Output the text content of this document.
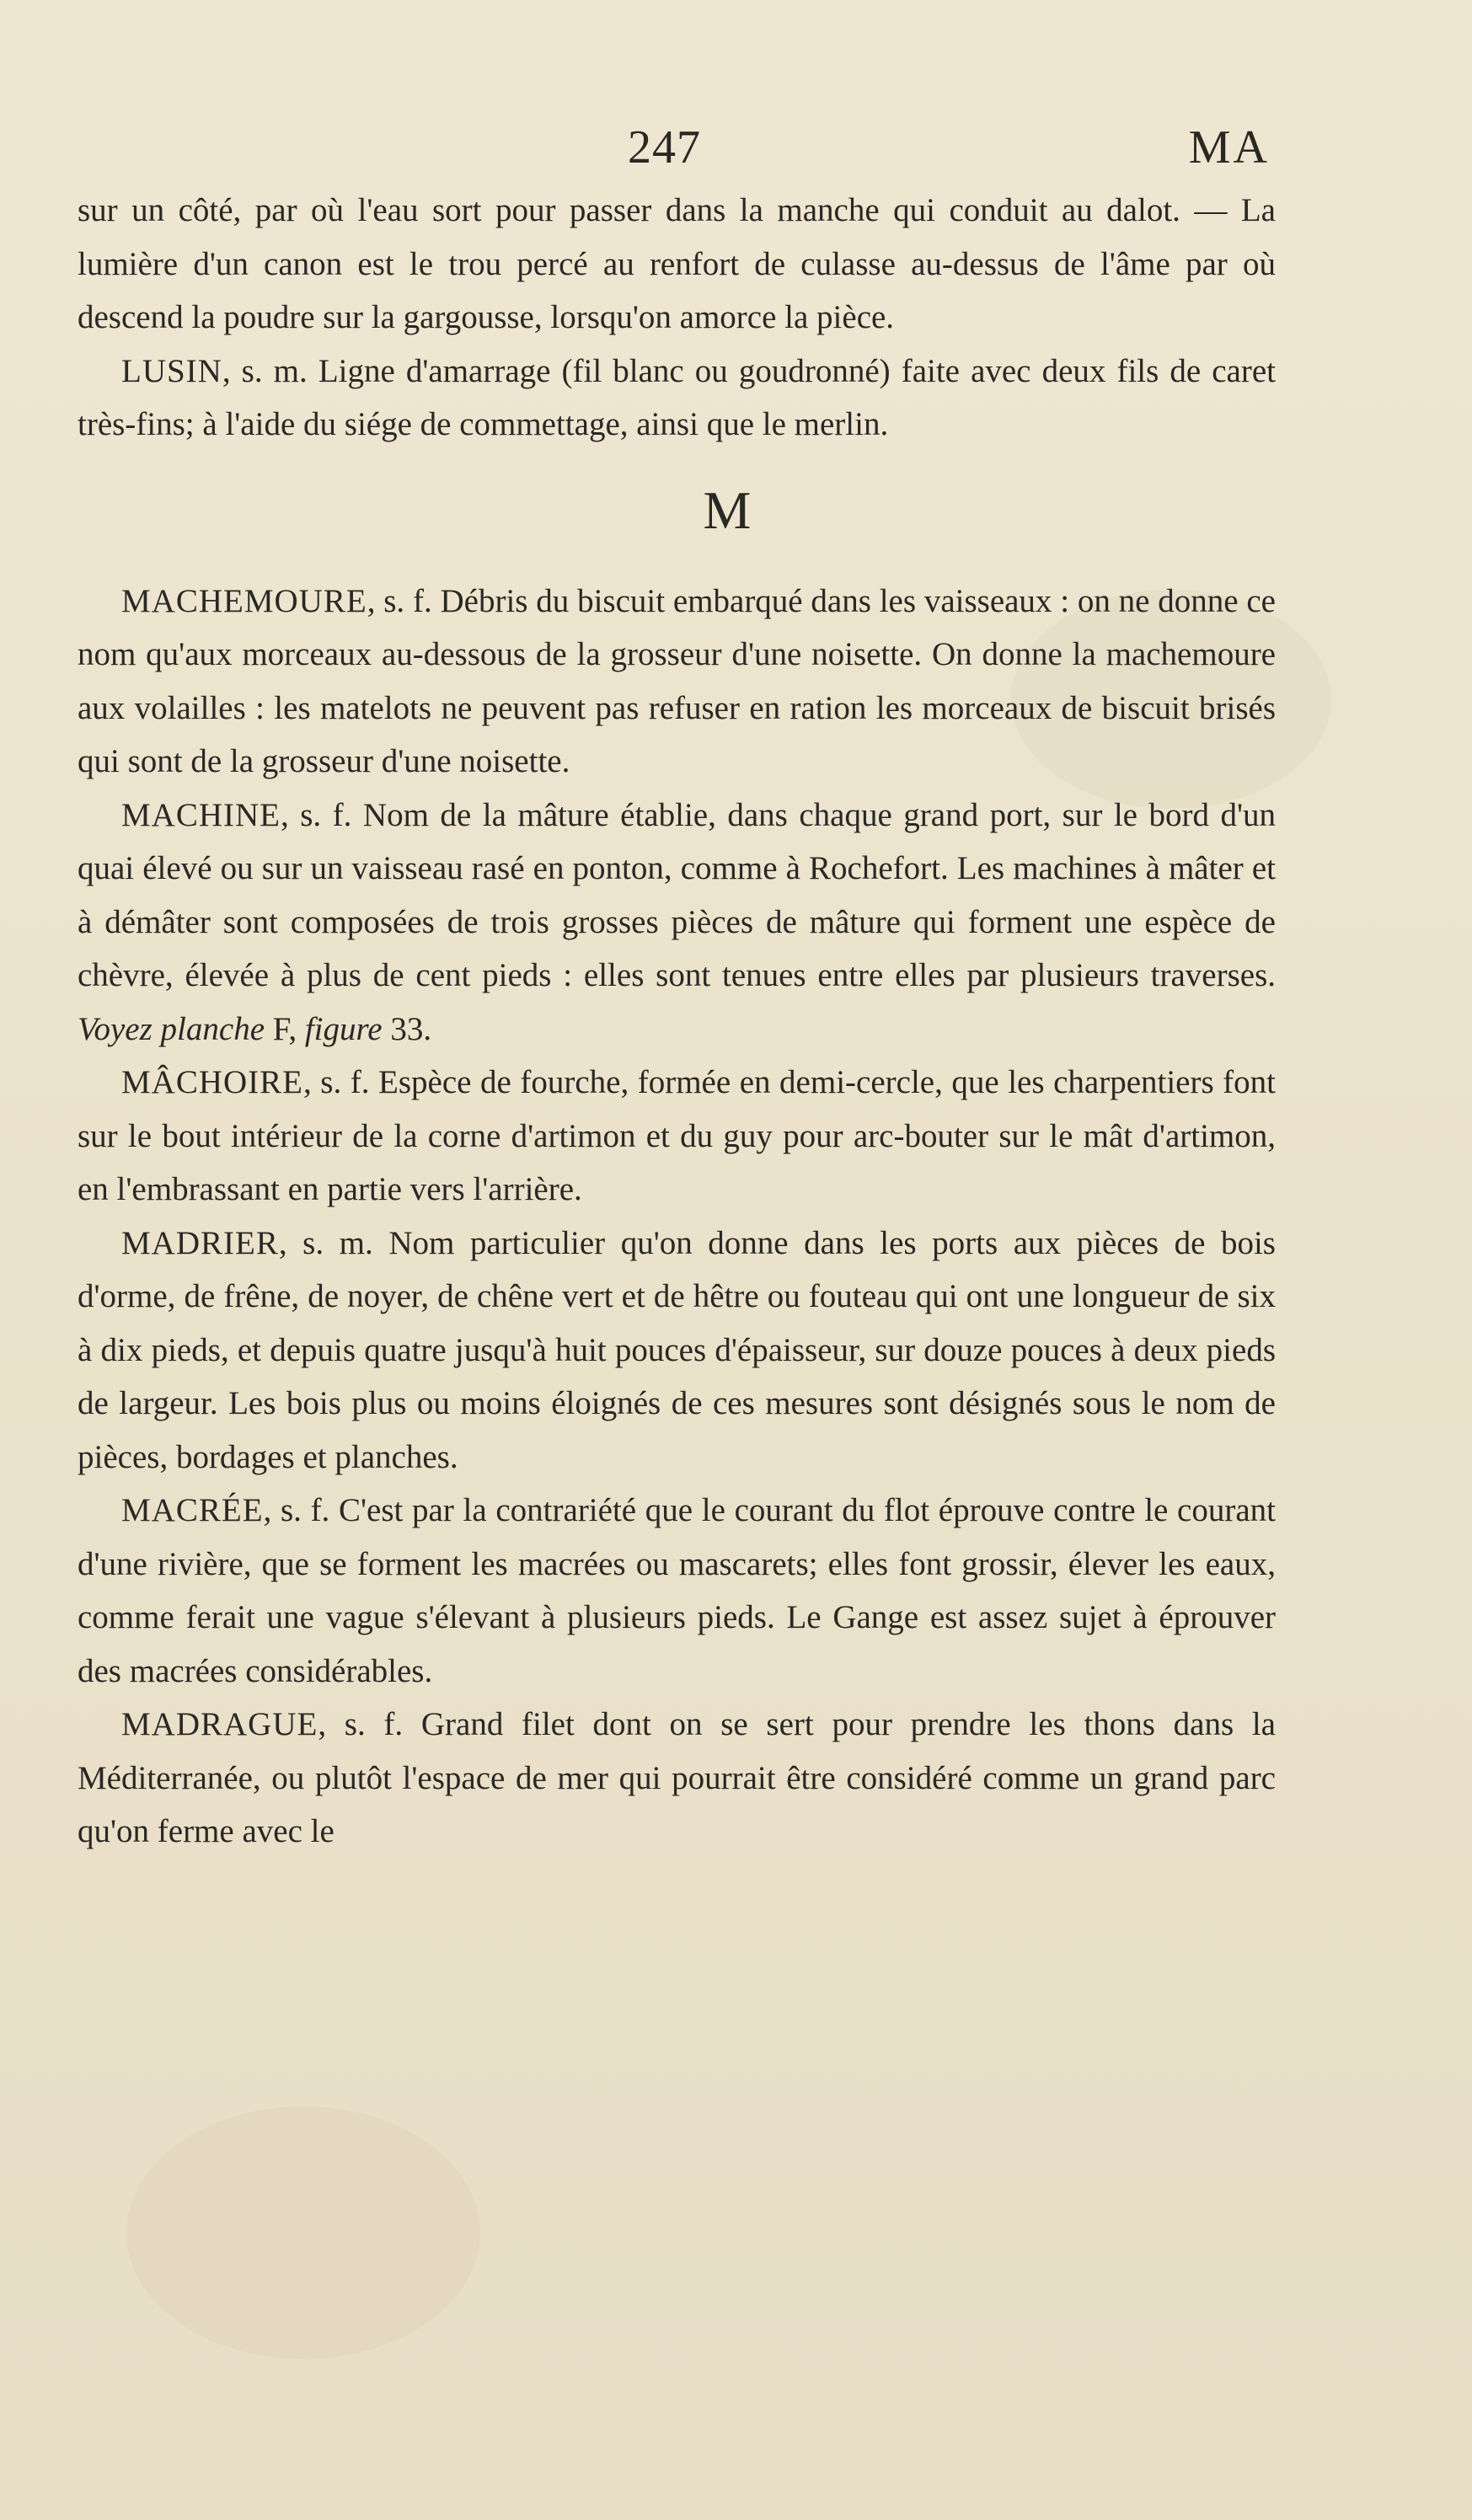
247	MA

sur un côté, par où l'eau sort pour passer dans la manche qui conduit au dalot. — La lumière d'un canon est le trou percé au renfort de culasse au-dessus de l'âme par où descend la poudre sur la gargousse, lorsqu'on amorce la pièce.

LUSIN, s. m. Ligne d'amarrage (fil blanc ou goudronné) faite avec deux fils de caret très-fins; à l'aide du siége de commettage, ainsi que le merlin.

M

MACHEMOURE, s. f. Débris du biscuit embarqué dans les vaisseaux : on ne donne ce nom qu'aux morceaux au-dessous de la grosseur d'une noisette. On donne la machemoure aux volailles : les matelots ne peuvent pas refuser en ration les morceaux de biscuit brisés qui sont de la grosseur d'une noisette.

MACHINE, s. f. Nom de la mâture établie, dans chaque grand port, sur le bord d'un quai élevé ou sur un vaisseau rasé en ponton, comme à Rochefort. Les machines à mâter et à démâter sont composées de trois grosses pièces de mâture qui forment une espèce de chèvre, élevée à plus de cent pieds : elles sont tenues entre elles par plusieurs traverses. Voyez planche F, figure 33.

MÂCHOIRE, s. f. Espèce de fourche, formée en demi-cercle, que les charpentiers font sur le bout intérieur de la corne d'artimon et du guy pour arc-bouter sur le mât d'artimon, en l'embrassant en partie vers l'arrière.

MADRIER, s. m. Nom particulier qu'on donne dans les ports aux pièces de bois d'orme, de frêne, de noyer, de chêne vert et de hêtre ou fouteau qui ont une longueur de six à dix pieds, et depuis quatre jusqu'à huit pouces d'épaisseur, sur douze pouces à deux pieds de largeur. Les bois plus ou moins éloignés de ces mesures sont désignés sous le nom de pièces, bordages et planches.

MACRÉE, s. f. C'est par la contrariété que le courant du flot éprouve contre le courant d'une rivière, que se forment les macrées ou mascarets; elles font grossir, élever les eaux, comme ferait une vague s'élevant à plusieurs pieds. Le Gange est assez sujet à éprouver des macrées considérables.

MADRAGUE, s. f. Grand filet dont on se sert pour prendre les thons dans la Méditerranée, ou plutôt l'espace de mer qui pourrait être considéré comme un grand parc qu'on ferme avec le
